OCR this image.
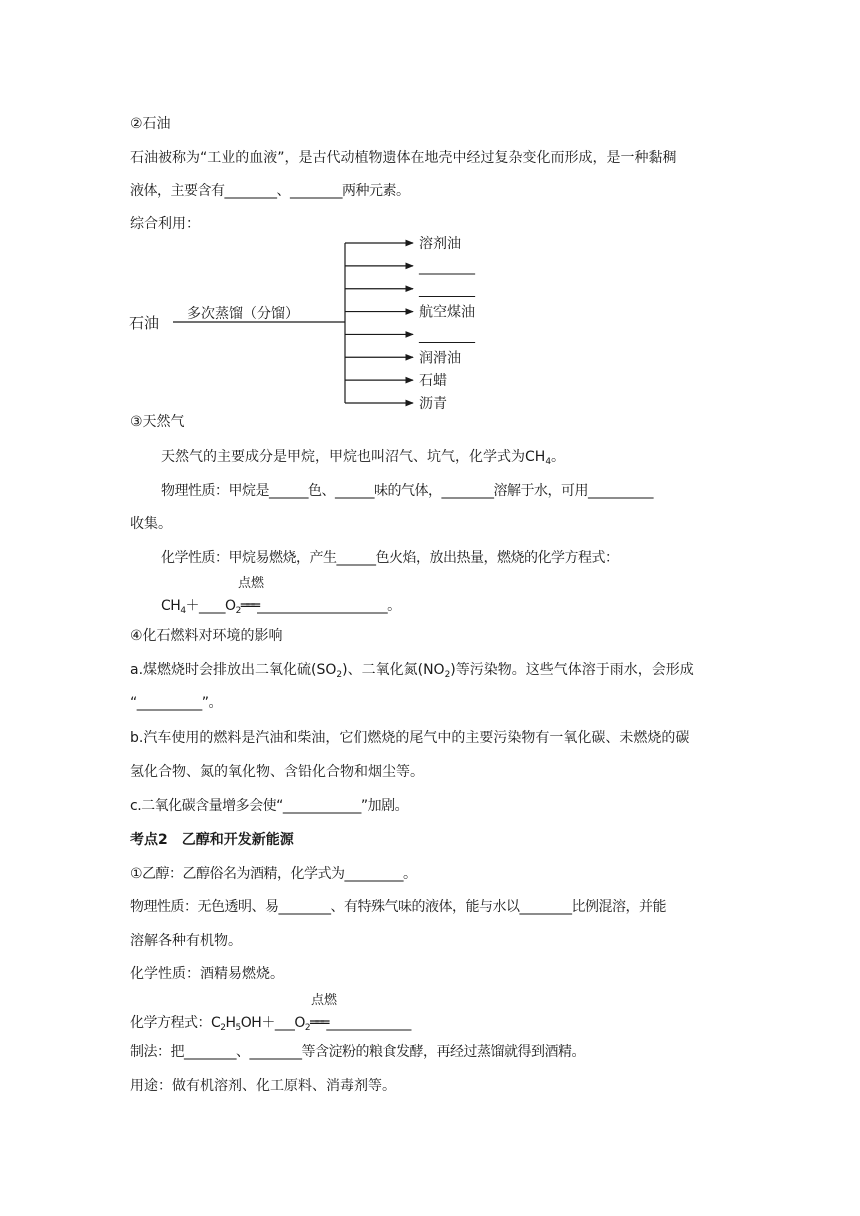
②石油
石油被称为“工业的血液”，是古代动植物遗体在地壳中经过复杂变化而形成，是一种黏稠
液体，主要含有________、________两种元素。
综合利用：
石油 多次蒸馏（分馏）
溶剂油
________
________
航空煤油
________
润滑油
石蜡
沥青
③天然气
天然气的主要成分是甲烷，甲烷也叫沼气、坑气，化学式为$CH_4$。
物理性质：甲烷是______色、______味的气体，________溶解于水，可用__________
收集。
化学性质：甲烷易燃烧，产生______色火焰，放出热量，燃烧的化学方程式：
点燃
$CH_4+\_\_\_\_O_2═══\_\_\_\_\_\_\_\_\_\_\_\_\_\_\_\_\_\_\_\_$。
④化石燃料对环境的影响
a.煤燃烧时会排放出二氧化硫$(SO_2)$、二氧化氮$(NO_2)$等污染物。这些气体溶于雨水，会形成
“__________”。
b.汽车使用的燃料是汽油和柴油，它们燃烧的尾气中的主要污染物有一氧化碳、未燃烧的碳
氢化合物、氮的氧化物、含铅化合物和烟尘等。
c.二氧化碳含量增多会使“____________”加剧。
考点2　乙醇和开发新能源
①乙醇：乙醇俗名为酒精，化学式为_________。
物理性质：无色透明、易________、有特殊气味的液体，能与水以________比例混溶，并能
溶解各种有机物。
化学性质：酒精易燃烧。
点燃
化学方程式：$C_2H_5OH+\_\_\_O_2═══\_\_\_\_\_\_\_\_\_\_\_\_\_$
制法：把________、________等含淀粉的粮食发酵，再经过蒸馏就得到酒精。
用途：做有机溶剂、化工原料、消毒剂等。
